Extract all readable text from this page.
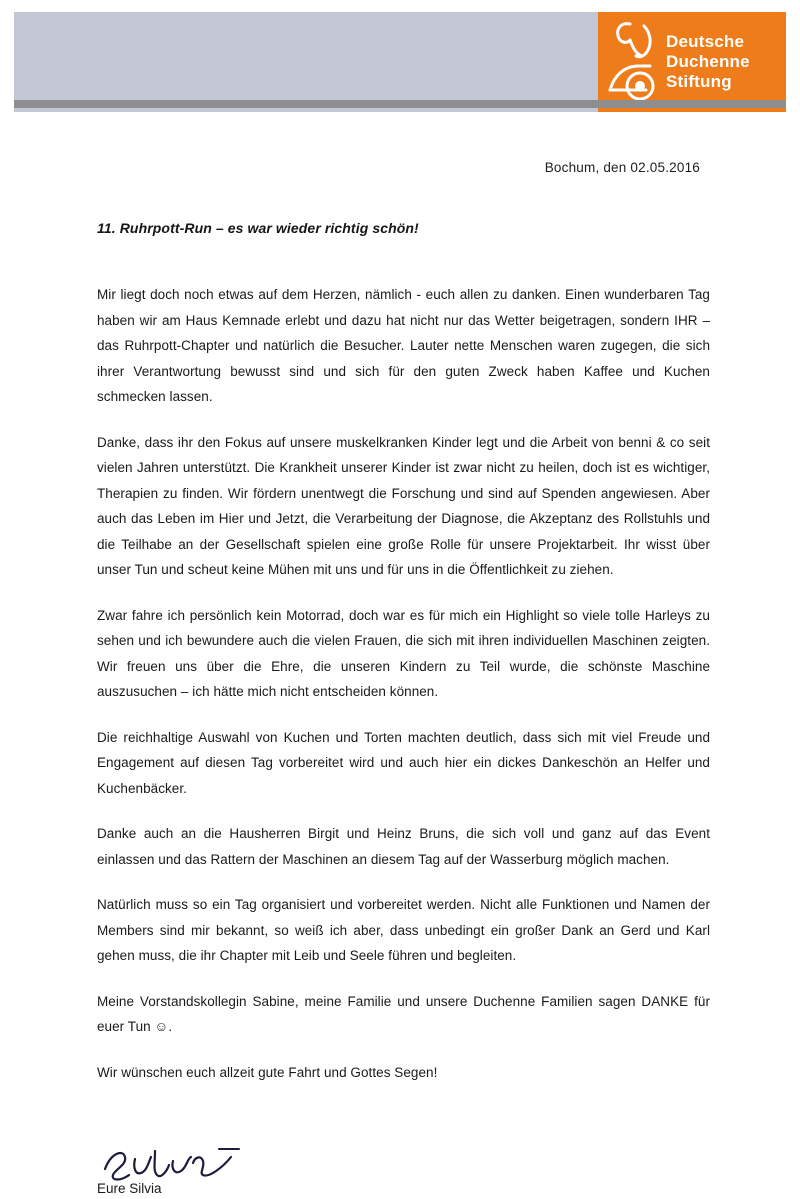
Deutsche
Duchenne
Stiftung
Bochum, den 02.05.2016

11. Ruhrpott-Run – es war wieder richtig schön!

Mir liegt doch noch etwas auf dem Herzen, nämlich - euch allen zu danken. Einen wunderbaren Tag haben wir am Haus Kemnade erlebt und dazu hat nicht nur das Wetter beigetragen, sondern IHR – das Ruhrpott-Chapter und natürlich die Besucher. Lauter nette Menschen waren zugegen, die sich ihrer Verantwortung bewusst sind und sich für den guten Zweck haben Kaffee und Kuchen schmecken lassen.

Danke, dass ihr den Fokus auf unsere muskelkranken Kinder legt und die Arbeit von benni & co seit vielen Jahren unterstützt. Die Krankheit unserer Kinder ist zwar nicht zu heilen, doch ist es wichtiger, Therapien zu finden. Wir fördern unentwegt die Forschung und sind auf Spenden angewiesen. Aber auch das Leben im Hier und Jetzt, die Verarbeitung der Diagnose, die Akzeptanz des Rollstuhls und die Teilhabe an der Gesellschaft spielen eine große Rolle für unsere Projektarbeit. Ihr wisst über unser Tun und scheut keine Mühen mit uns und für uns in die Öffentlichkeit zu ziehen.

Zwar fahre ich persönlich kein Motorrad, doch war es für mich ein Highlight so viele tolle Harleys zu sehen und ich bewundere auch die vielen Frauen, die sich mit ihren individuellen Maschinen zeigten. Wir freuen uns über die Ehre, die unseren Kindern zu Teil wurde, die schönste Maschine auszusuchen – ich hätte mich nicht entscheiden können.

Die reichhaltige Auswahl von Kuchen und Torten machten deutlich, dass sich mit viel Freude und Engagement auf diesen Tag vorbereitet wird und auch hier ein dickes Dankeschön an Helfer und Kuchenbäcker.

Danke auch an die Hausherren Birgit und Heinz Bruns, die sich voll und ganz auf das Event einlassen und das Rattern der Maschinen an diesem Tag auf der Wasserburg möglich machen.

Natürlich muss so ein Tag organisiert und vorbereitet werden. Nicht alle Funktionen und Namen der Members sind mir bekannt, so weiß ich aber, dass unbedingt ein großer Dank an Gerd und Karl gehen muss, die ihr Chapter mit Leib und Seele führen und begleiten.

Meine Vorstandskollegin Sabine, meine Familie und unsere Duchenne Familien sagen DANKE für euer Tun ☺.

Wir wünschen euch allzeit gute Fahrt und Gottes Segen!

Eure Silvia
